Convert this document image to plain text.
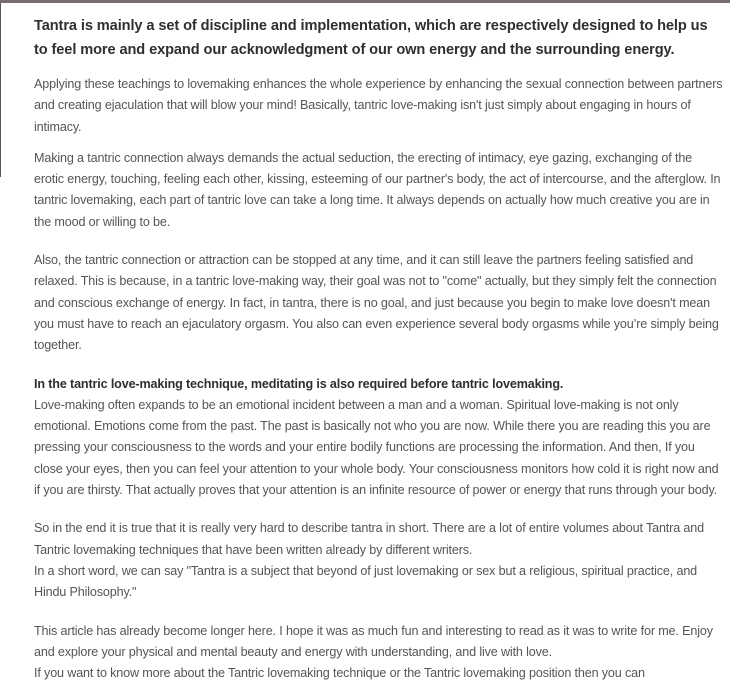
Tantra is mainly a set of discipline and implementation, which are respectively designed to help us to feel more and expand our acknowledgment of our own energy and the surrounding energy.

Applying these teachings to lovemaking enhances the whole experience by enhancing the sexual connection between partners and creating ejaculation that will blow your mind! Basically, tantric love-making isn't just simply about engaging in hours of intimacy.

Making a tantric connection always demands the actual seduction, the erecting of intimacy, eye gazing, exchanging of the erotic energy, touching, feeling each other, kissing, esteeming of our partner's body, the act of intercourse, and the afterglow. In tantric lovemaking, each part of tantric love can take a long time. It always depends on actually how much creative you are in the mood or willing to be.

Also, the tantric connection or attraction can be stopped at any time, and it can still leave the partners feeling satisfied and relaxed. This is because, in a tantric love-making way, their goal was not to "come" actually, but they simply felt the connection and conscious exchange of energy. In fact, in tantra, there is no goal, and just because you begin to make love doesn't mean you must have to reach an ejaculatory orgasm. You also can even experience several body orgasms while you’re simply being together.

In the tantric love-making technique, meditating is also required before tantric lovemaking.
Love-making often expands to be an emotional incident between a man and a woman. Spiritual love-making is not only emotional. Emotions come from the past. The past is basically not who you are now. While there you are reading this you are pressing your consciousness to the words and your entire bodily functions are processing the information. And then, If you close your eyes, then you can feel your attention to your whole body. Your consciousness monitors how cold it is right now and if you are thirsty. That actually proves that your attention is an infinite resource of power or energy that runs through your body.
So in the end it is true that it is really very hard to describe tantra in short. There are a lot of entire volumes about Tantra and Tantric lovemaking techniques that have been written already by different writers.
In a short word, we can say "Tantra is a subject that beyond of just lovemaking or sex but a religious, spiritual practice, and Hindu Philosophy."
This article has already become longer here. I hope it was as much fun and interesting to read as it was to write for me. Enjoy and explore your physical and mental beauty and energy with understanding, and live with love.
If you want to know more about the Tantric lovemaking technique or the Tantric lovemaking position then you can
